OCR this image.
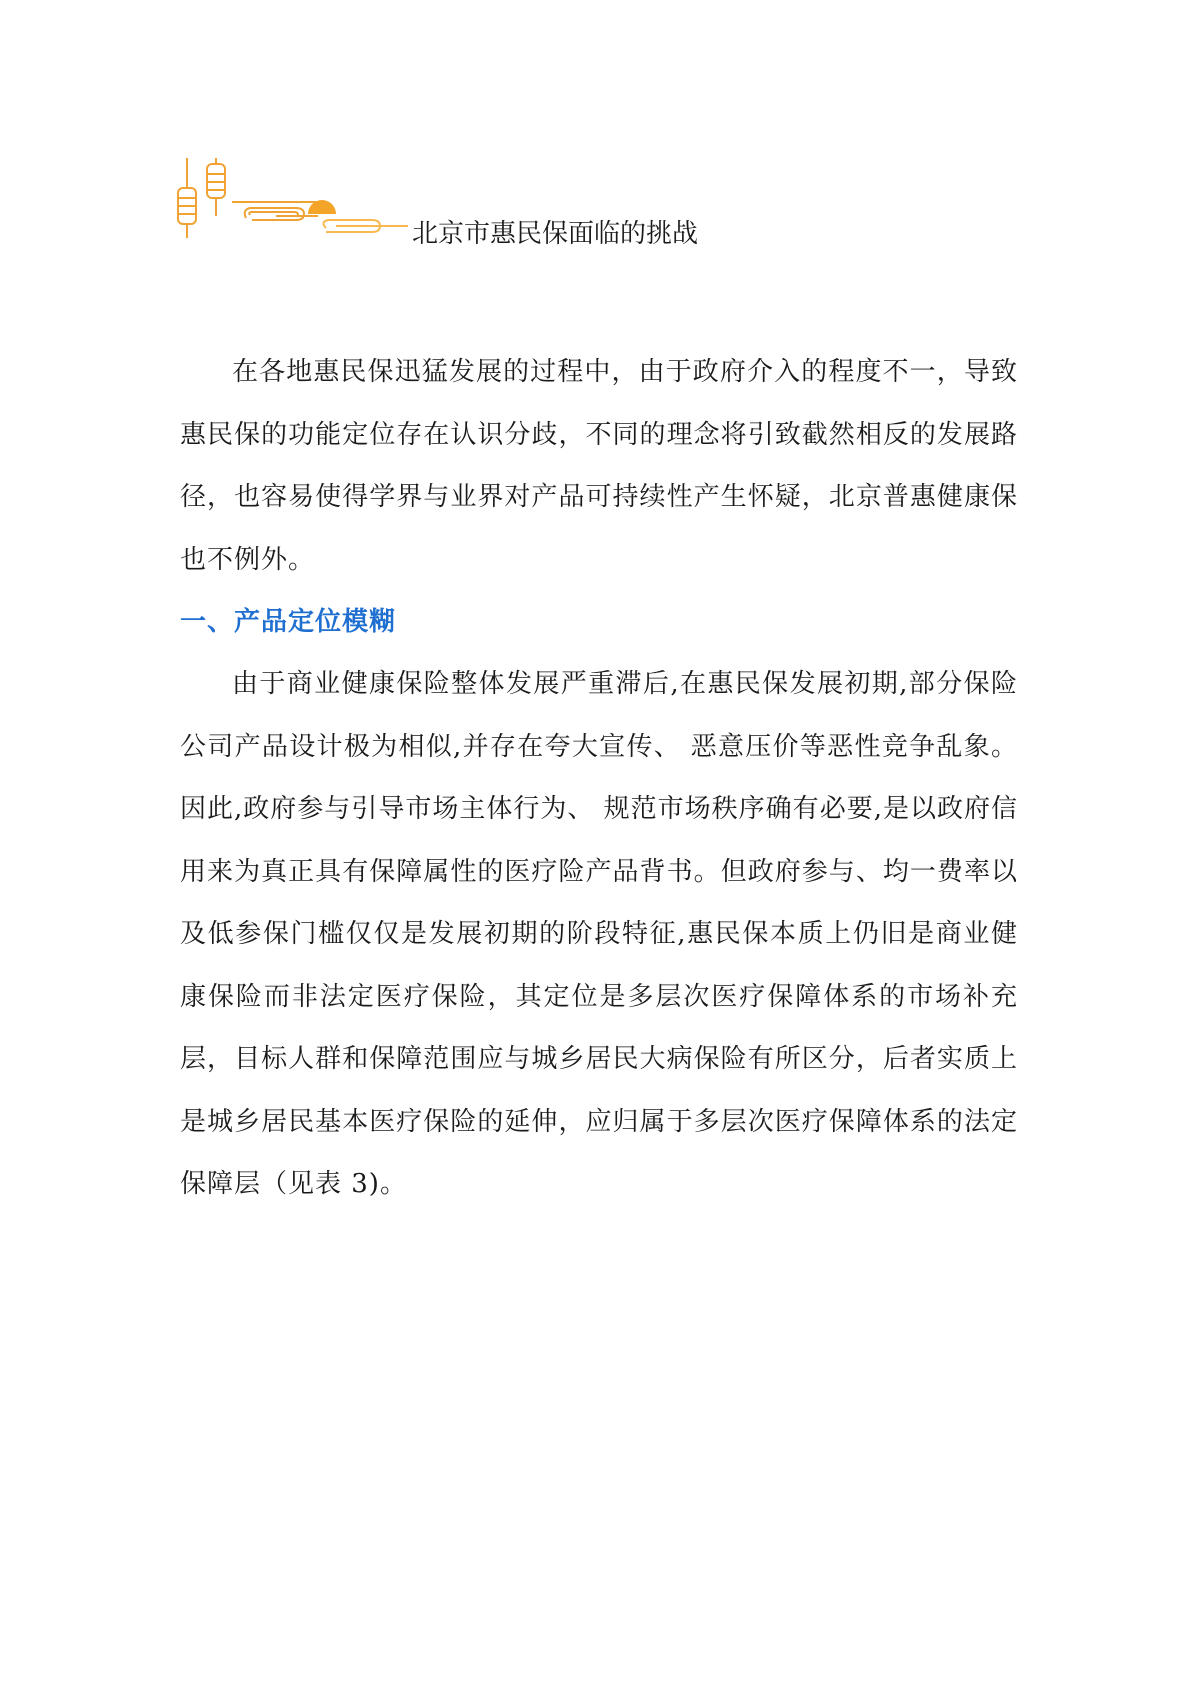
北京市惠民保面临的挑战

在各地惠民保迅猛发展的过程中，由于政府介入的程度不一，导致惠民保的功能定位存在认识分歧，不同的理念将引致截然相反的发展路径，也容易使得学界与业界对产品可持续性产生怀疑，北京普惠健康保也不例外。

一、产品定位模糊

由于商业健康保险整体发展严重滞后,在惠民保发展初期,部分保险公司产品设计极为相似,并存在夸大宣传、 恶意压价等恶性竞争乱象。因此,政府参与引导市场主体行为、 规范市场秩序确有必要,是以政府信用来为真正具有保障属性的医疗险产品背书。但政府参与、均一费率以及低参保门槛仅仅是发展初期的阶段特征,惠民保本质上仍旧是商业健康保险而非法定医疗保险，其定位是多层次医疗保障体系的市场补充层，目标人群和保障范围应与城乡居民大病保险有所区分，后者实质上是城乡居民基本医疗保险的延伸，应归属于多层次医疗保障体系的法定保障层（见表 3)。
